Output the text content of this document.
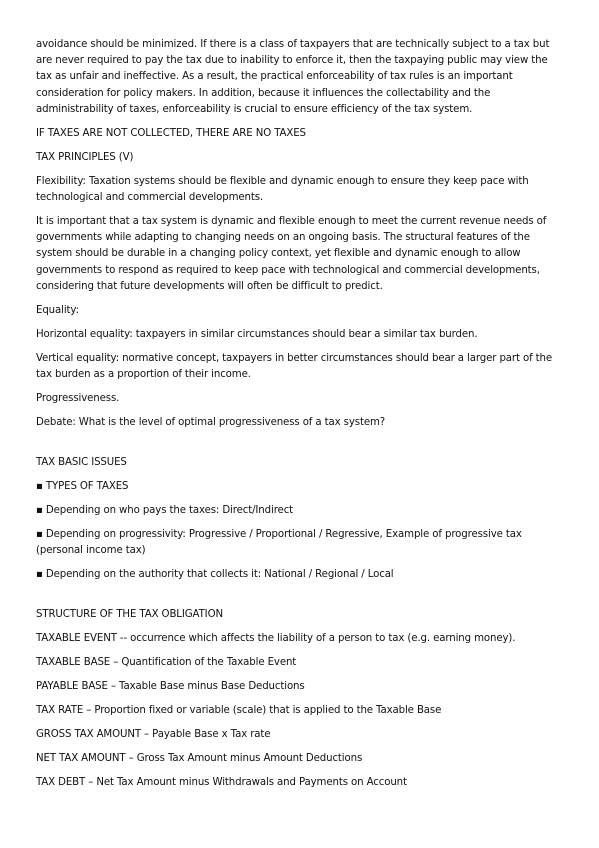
avoidance should be minimized. If there is a class of taxpayers that are technically subject to a tax but are never required to pay the tax due to inability to enforce it, then the taxpaying public may view the tax as unfair and ineffective. As a result, the practical enforceability of tax rules is an important consideration for policy makers. In addition, because it influences the collectability and the administrability of taxes, enforceability is crucial to ensure efficiency of the tax system.

IF TAXES ARE NOT COLLECTED, THERE ARE NO TAXES

TAX PRINCIPLES (V)

Flexibility: Taxation systems should be flexible and dynamic enough to ensure they keep pace with technological and commercial developments.

It is important that a tax system is dynamic and flexible enough to meet the current revenue needs of governments while adapting to changing needs on an ongoing basis. The structural features of the system should be durable in a changing policy context, yet flexible and dynamic enough to allow governments to respond as required to keep pace with technological and commercial developments, considering that future developments will often be difficult to predict.

Equality:

Horizontal equality: taxpayers in similar circumstances should bear a similar tax burden.

Vertical equality: normative concept, taxpayers in better circumstances should bear a larger part of the tax burden as a proportion of their income.

Progressiveness.

Debate: What is the level of optimal progressiveness of a tax system?

TAX BASIC ISSUES

▪ TYPES OF TAXES

▪ Depending on who pays the taxes: Direct/Indirect

▪ Depending on progressivity: Progressive / Proportional / Regressive, Example of progressive tax (personal income tax)

▪ Depending on the authority that collects it: National / Regional / Local

STRUCTURE OF THE TAX OBLIGATION

TAXABLE EVENT -- occurrence which affects the liability of a person to tax (e.g. earning money).

TAXABLE BASE – Quantification of the Taxable Event

PAYABLE BASE – Taxable Base minus Base Deductions

TAX RATE – Proportion fixed or variable (scale) that is applied to the Taxable Base

GROSS TAX AMOUNT – Payable Base x Tax rate

NET TAX AMOUNT – Gross Tax Amount minus Amount Deductions

TAX DEBT – Net Tax Amount minus Withdrawals and Payments on Account
